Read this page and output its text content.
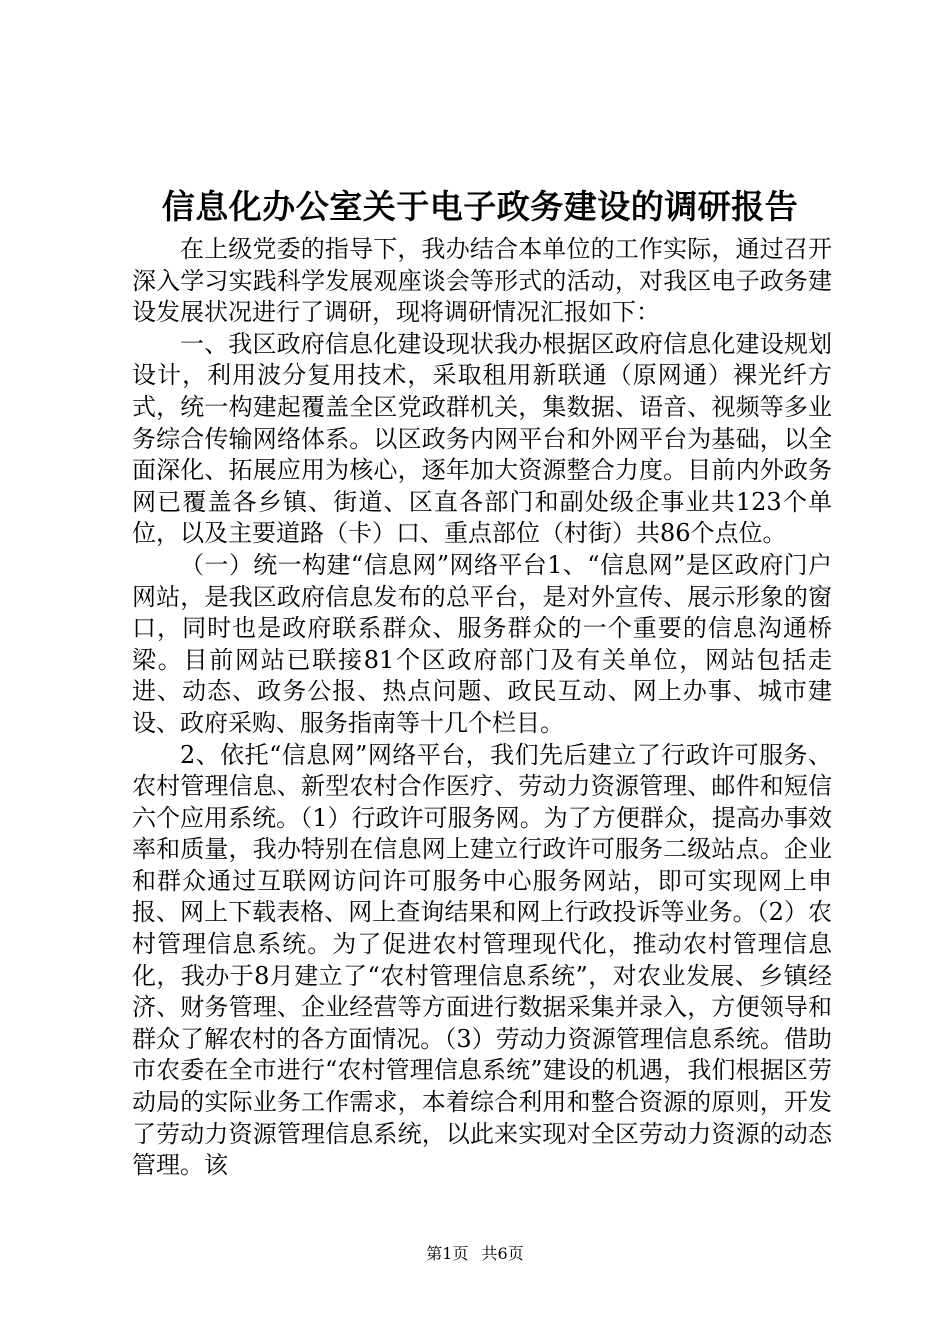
信息化办公室关于电子政务建设的调研报告

在上级党委的指导下，我办结合本单位的工作实际，通过召开深入学习实践科学发展观座谈会等形式的活动，对我区电子政务建设发展状况进行了调研，现将调研情况汇报如下：

一、我区政府信息化建设现状我办根据区政府信息化建设规划设计，利用波分复用技术，采取租用新联通（原网通）裸光纤方式，统一构建起覆盖全区党政群机关，集数据、语音、视频等多业务综合传输网络体系。以区政务内网平台和外网平台为基础，以全面深化、拓展应用为核心，逐年加大资源整合力度。目前内外政务网已覆盖各乡镇、街道、区直各部门和副处级企事业共123个单位，以及主要道路（卡）口、重点部位（村街）共86个点位。

（一）统一构建“信息网”网络平台1、“信息网”是区政府门户网站，是我区政府信息发布的总平台，是对外宣传、展示形象的窗口，同时也是政府联系群众、服务群众的一个重要的信息沟通桥梁。目前网站已联接81个区政府部门及有关单位，网站包括走进、动态、政务公报、热点问题、政民互动、网上办事、城市建设、政府采购、服务指南等十几个栏目。

2、依托“信息网”网络平台，我们先后建立了行政许可服务、农村管理信息、新型农村合作医疗、劳动力资源管理、邮件和短信六个应用系统。（1）行政许可服务网。为了方便群众，提高办事效率和质量，我办特别在信息网上建立行政许可服务二级站点。企业和群众通过互联网访问许可服务中心服务网站，即可实现网上申报、网上下载表格、网上查询结果和网上行政投诉等业务。（2）农村管理信息系统。为了促进农村管理现代化，推动农村管理信息化，我办于8月建立了“农村管理信息系统”，对农业发展、乡镇经济、财务管理、企业经营等方面进行数据采集并录入，方便领导和群众了解农村的各方面情况。（3）劳动力资源管理信息系统。借助市农委在全市进行“农村管理信息系统”建设的机遇，我们根据区劳动局的实际业务工作需求，本着综合利用和整合资源的原则，开发了劳动力资源管理信息系统，以此来实现对全区劳动力资源的动态管理。该

第1页 共6页
